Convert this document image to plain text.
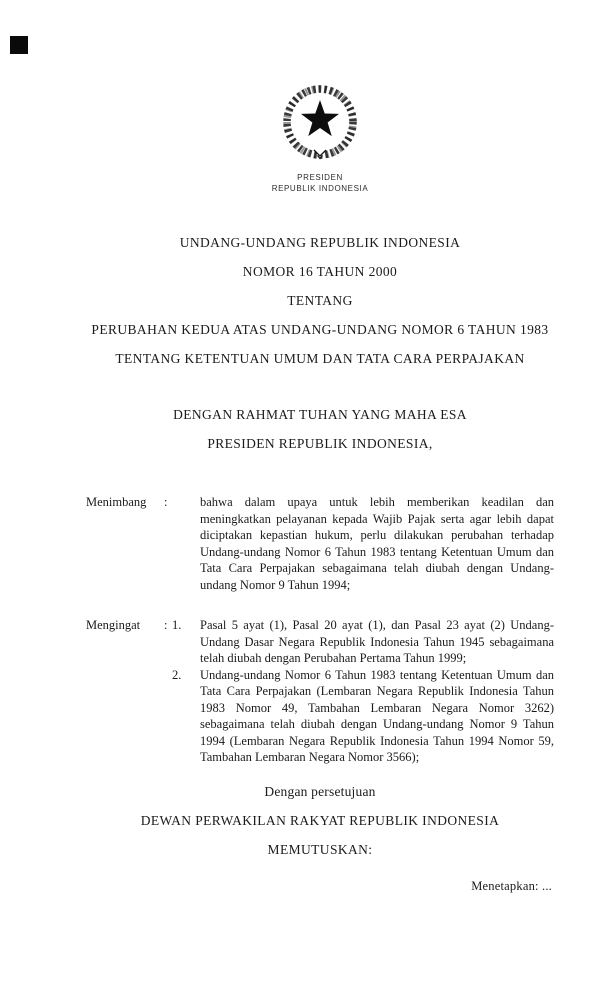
PRESIDEN

REPUBLIK INDONESIA

UNDANG-UNDANG REPUBLIK INDONESIA

NOMOR 16 TAHUN 2000

TENTANG

PERUBAHAN KEDUA ATAS UNDANG-UNDANG NOMOR 6 TAHUN 1983

TENTANG KETENTUAN UMUM DAN TATA CARA PERPAJAKAN

DENGAN RAHMAT TUHAN YANG MAHA ESA

PRESIDEN REPUBLIK INDONESIA,

Menimbang	:	bahwa dalam upaya untuk lebih memberikan keadilan dan meningkatkan pelayanan kepada Wajib Pajak serta agar lebih dapat diciptakan kepastian hukum, perlu dilakukan perubahan terhadap Undang-undang Nomor 6 Tahun 1983 tentang Ketentuan Umum dan Tata Cara Perpajakan sebagaimana telah diubah dengan Undang-undang Nomor 9 Tahun 1994;
Mengingat	: 1.	Pasal 5 ayat (1), Pasal 20 ayat (1), dan Pasal 23 ayat (2) Undang-Undang Dasar Negara Republik Indonesia Tahun 1945 sebagaimana telah diubah dengan Perubahan Pertama Tahun 1999;
2.	Undang-undang Nomor 6 Tahun 1983 tentang Ketentuan Umum dan Tata Cara Perpajakan (Lembaran Negara Republik Indonesia Tahun 1983 Nomor 49, Tambahan Lembaran Negara Nomor 3262) sebagaimana telah diubah dengan Undang-undang Nomor 9 Tahun 1994 (Lembaran Negara Republik Indonesia Tahun 1994 Nomor 59, Tambahan Lembaran Negara Nomor 3566);

Dengan persetujuan

DEWAN PERWAKILAN RAKYAT REPUBLIK INDONESIA

MEMUTUSKAN:

Menetapkan: ...
